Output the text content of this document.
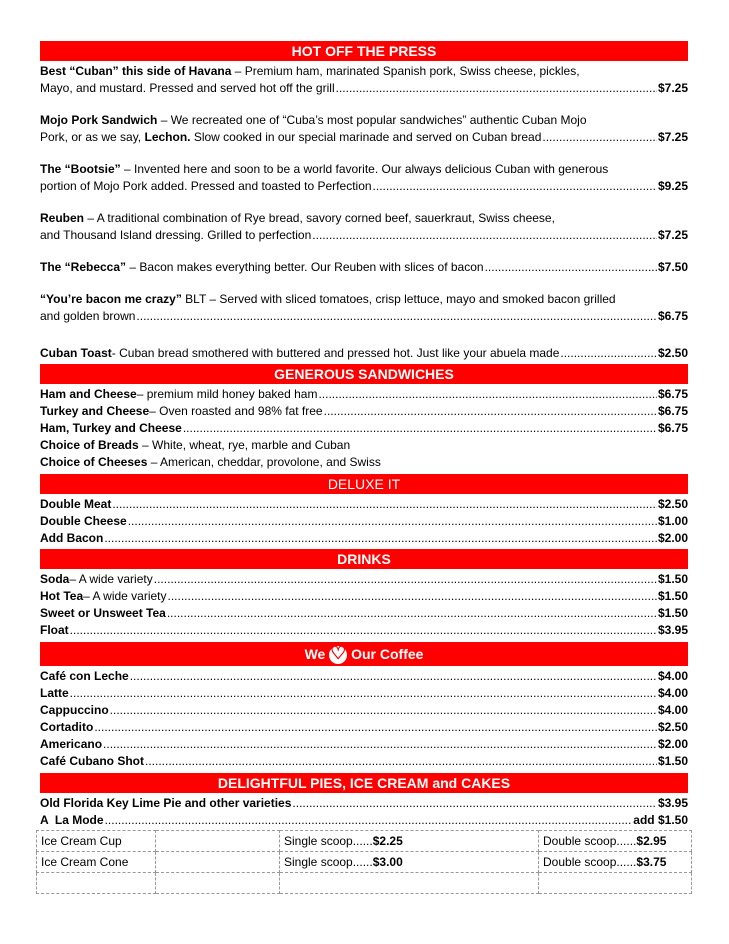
HOT OFF THE PRESS
Best “Cuban” this side of Havana – Premium ham, marinated Spanish pork, Swiss cheese, pickles,
Mayo, and mustard. Pressed and served hot off the grill .....	$7.25
Mojo Pork Sandwich – We recreated one of “Cuba’s most popular sandwiches” authentic Cuban Mojo
Pork, or as we say, Lechon. Slow cooked in our special marinade and served on Cuban bread .....	$7.25
The “Bootsie” – Invented here and soon to be a world favorite. Our always delicious Cuban with generous
portion of Mojo Pork added. Pressed and toasted to Perfection .....	$9.25
Reuben – A traditional combination of Rye bread, savory corned beef, sauerkraut, Swiss cheese,
and Thousand Island dressing. Grilled to perfection .....	$7.25
The “Rebecca” – Bacon makes everything better. Our Reuben with slices of bacon .....	$7.50
“You’re bacon me crazy” BLT – Served with sliced tomatoes, crisp lettuce, mayo and smoked bacon grilled
and golden brown .....	$6.75
Cuban Toast- Cuban bread smothered with buttered and pressed hot. Just like your abuela made .....	$2.50
GENEROUS SANDWICHES
Ham and Cheese – premium mild honey baked ham .....	$6.75
Turkey and Cheese – Oven roasted and 98% fat free .....	$6.75
Ham, Turkey and Cheese .....	$6.75
Choice of Breads – White, wheat, rye, marble and Cuban
Choice of Cheeses – American, cheddar, provolone, and Swiss
DELUXE IT
Double Meat .....	$2.50
Double Cheese .....	$1.00
Add Bacon .....	$2.00
DRINKS
Soda – A wide variety .....	$1.50
Hot Tea – A wide variety .....	$1.50
Sweet or Unsweet Tea .....	$1.50
Float .....	$3.95
We ♡ Our Coffee
Café con Leche .....	$4.00
Latte .....	$4.00
Cappuccino .....	$4.00
Cortadito .....	$2.50
Americano .....	$2.00
Café Cubano Shot .....	$1.50
DELIGHTFUL PIES, ICE CREAM and CAKES
Old Florida Key Lime Pie and other varieties .....	$3.95
A  La Mode .....	add $1.50
Ice Cream Cup		Single scoop......$2.25	Double scoop......$2.95
Ice Cream Cone		Single scoop......$3.00	Double scoop......$3.75
